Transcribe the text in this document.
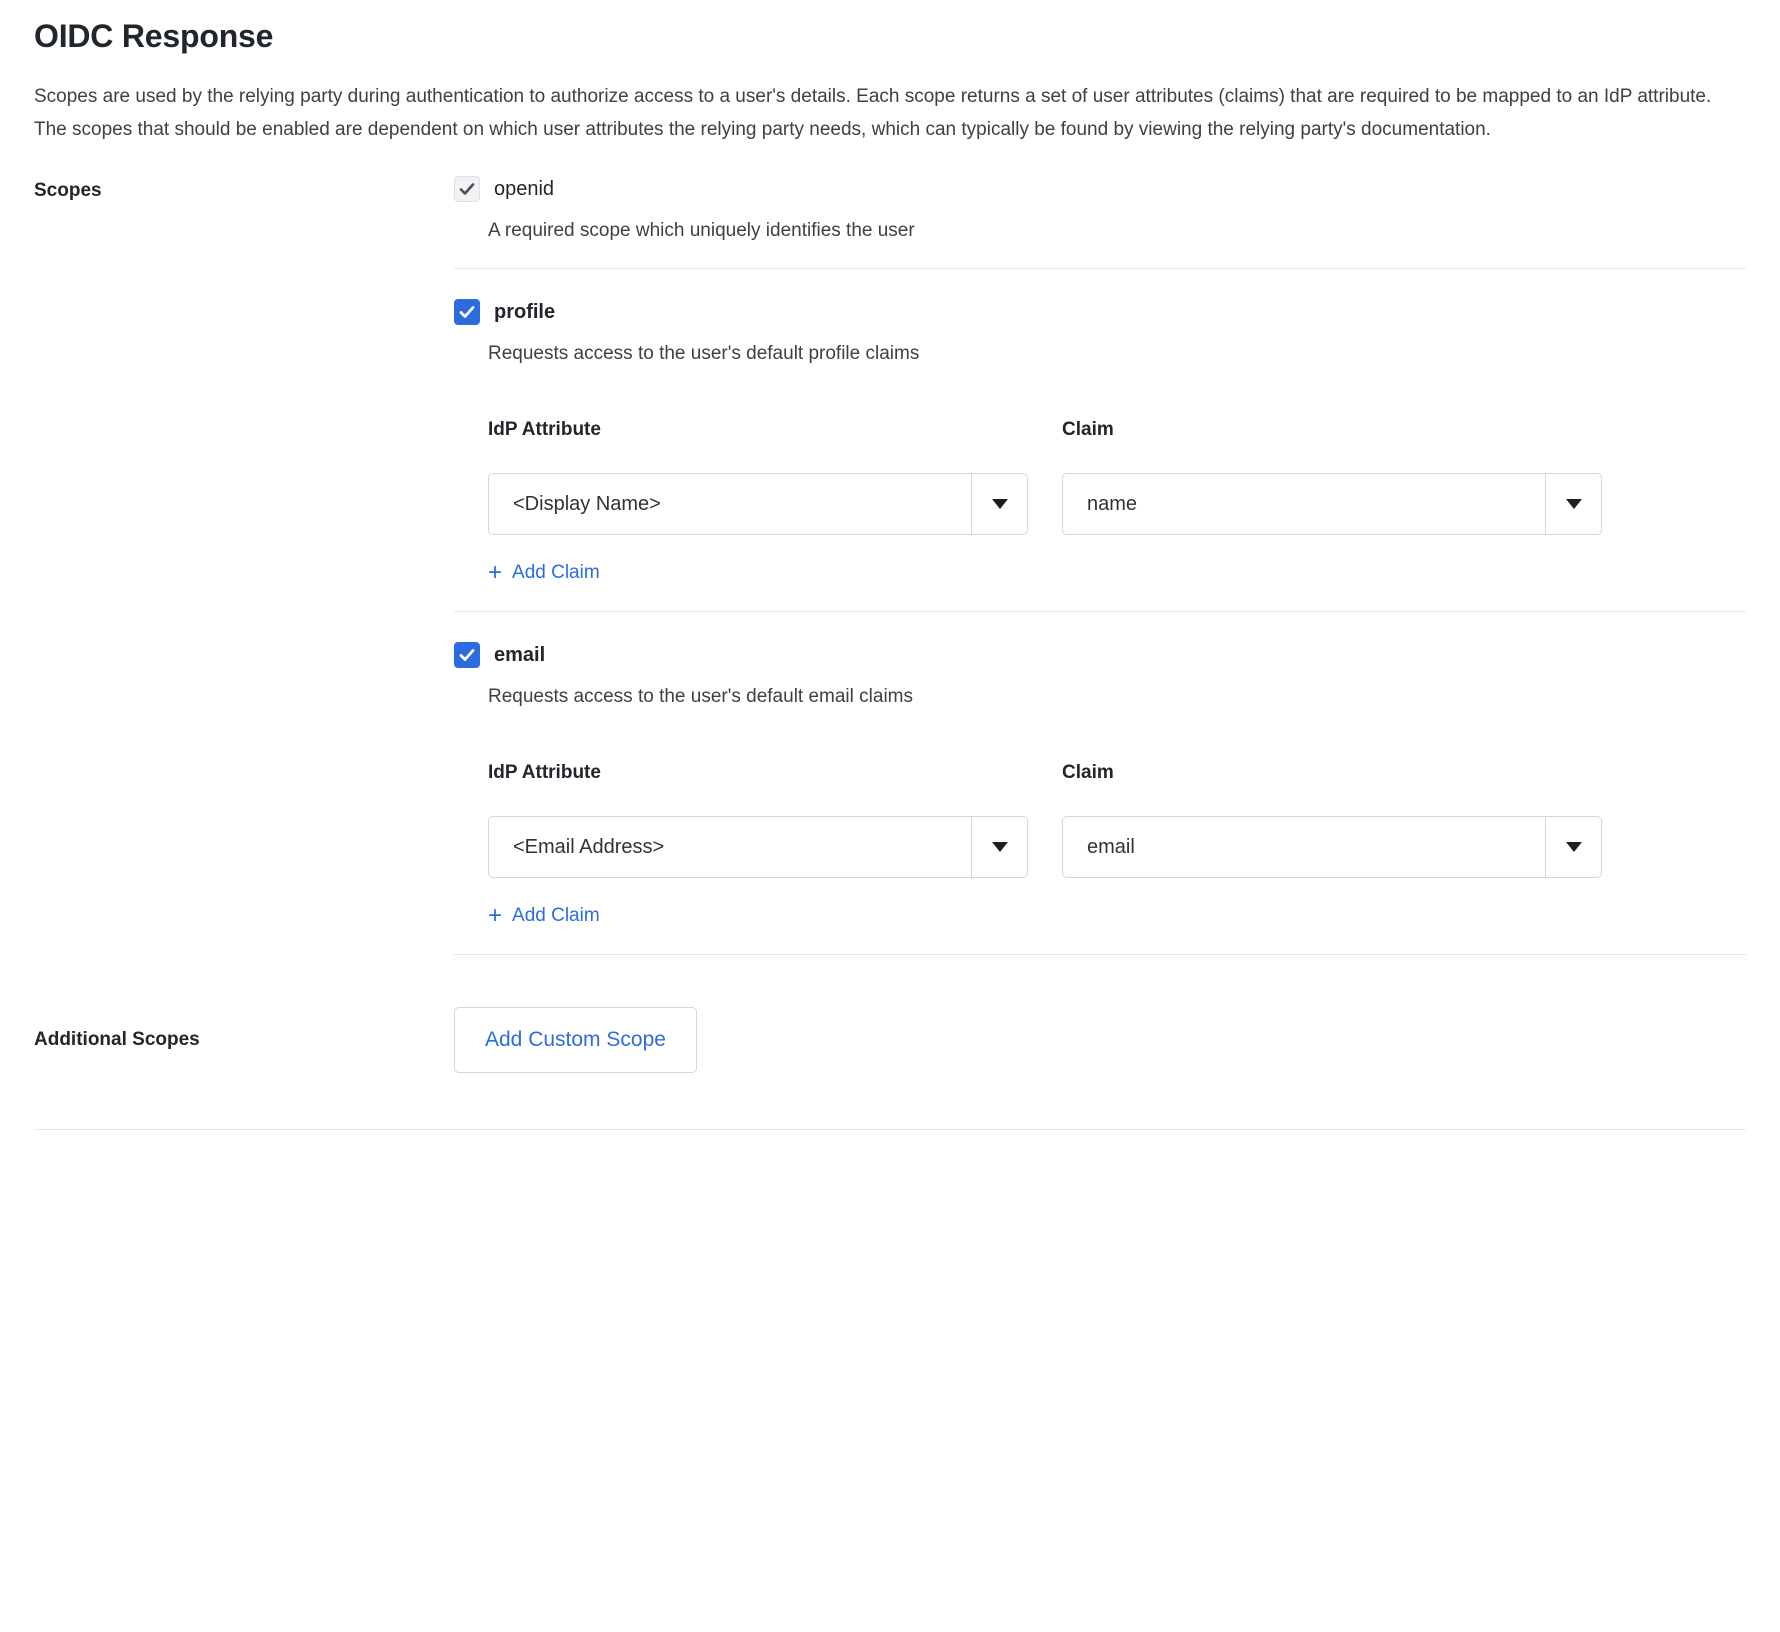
OIDC Response

Scopes are used by the relying party during authentication to authorize access to a user's details. Each scope returns a set of user attributes (claims) that are required to be mapped to an IdP attribute. The scopes that should be enabled are dependent on which user attributes the relying party needs, which can typically be found by viewing the relying party's documentation.

Scopes	openid
A required scope which uniquely identifies the user
profile
Requests access to the user's default profile claims
IdP Attribute
<Display Name>
Claim
name
+ Add Claim
email
Requests access to the user's default email claims
IdP Attribute
<Email Address>
Claim
email
+ Add Claim
Additional Scopes	Add Custom Scope
